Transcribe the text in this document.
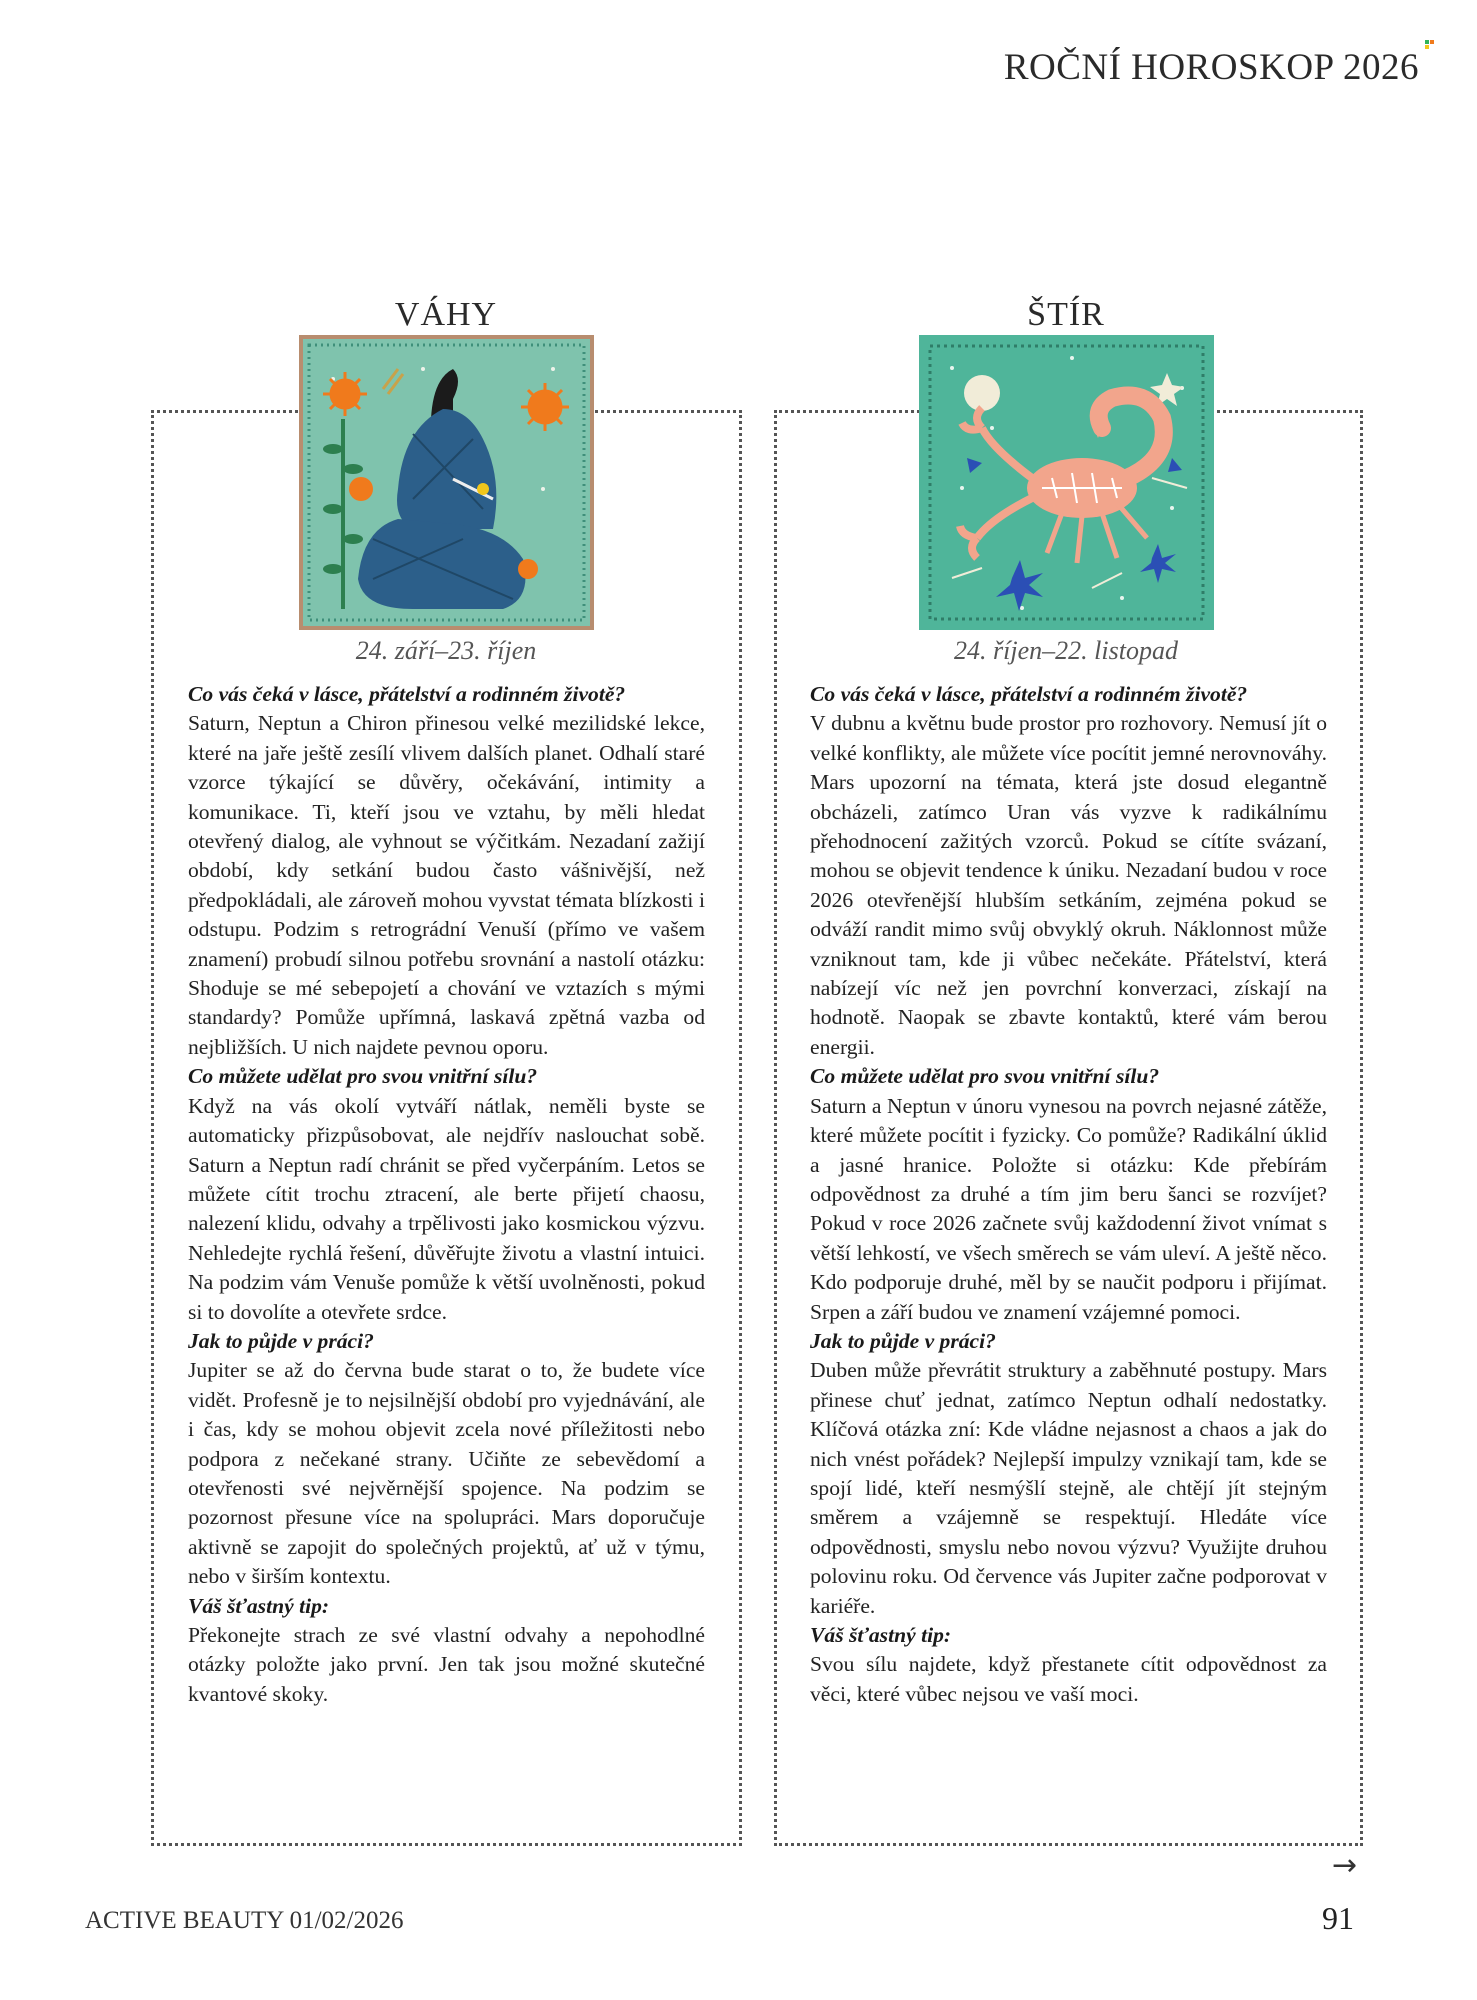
ROČNÍ HOROSKOP 2026
VÁHY
24. září–23. říjen
Co vás čeká v lásce, přátelství a rodinném životě?

Saturn, Neptun a Chiron přinesou velké mezilidské lekce, které na jaře ještě zesílí vlivem dalších planet. Odhalí staré vzorce týkající se důvěry, očekávání, intimity a komunikace. Ti, kteří jsou ve vztahu, by měli hledat otevřený dialog, ale vyhnout se výčitkám. Nezadaní zažijí období, kdy setkání budou často vášnivější, než předpokládali, ale zároveň mohou vyvstat témata blízkosti i odstupu. Podzim s retrográdní Venuší (přímo ve vašem znamení) probudí silnou potřebu srovnání a nastolí otázku: Shoduje se mé sebepojetí a chování ve vztazích s mými standardy? Pomůže upřímná, laskavá zpětná vazba od nejbližších. U nich najdete pevnou oporu.

Co můžete udělat pro svou vnitřní sílu?

Když na vás okolí vytváří nátlak, neměli byste se automaticky přizpůsobovat, ale nejdřív naslouchat sobě. Saturn a Neptun radí chránit se před vyčerpáním. Letos se můžete cítit trochu ztracení, ale berte přijetí chaosu, nalezení klidu, odvahy a trpělivosti jako kosmickou výzvu. Nehledejte rychlá řešení, důvěřujte životu a vlastní intuici. Na podzim vám Venuše pomůže k větší uvolněnosti, pokud si to dovolíte a otevřete srdce.

Jak to půjde v práci?

Jupiter se až do června bude starat o to, že budete více vidět. Profesně je to nejsilnější období pro vyjednávání, ale i čas, kdy se mohou objevit zcela nové příležitosti nebo podpora z nečekané strany. Učiňte ze sebevědomí a otevřenosti své nejvěrnější spojence. Na podzim se pozornost přesune více na spolupráci. Mars doporučuje aktivně se zapojit do společných projektů, ať už v týmu, nebo v širším kontextu.

Váš šťastný tip:

Překonejte strach ze své vlastní odvahy a nepohodlné otázky položte jako první. Jen tak jsou možné skutečné kvantové skoky.

ŠTÍR
24. říjen–22. listopad
Co vás čeká v lásce, přátelství a rodinném životě?

V dubnu a květnu bude prostor pro rozhovory. Nemusí jít o velké konflikty, ale můžete více pocítit jemné nerovnováhy. Mars upozorní na témata, která jste dosud elegantně obcházeli, zatímco Uran vás vyzve k radikálnímu přehodnocení zažitých vzorců. Pokud se cítíte svázaní, mohou se objevit tendence k úniku. Nezadaní budou v roce 2026 otevřenější hlubším setkáním, zejména pokud se odváží randit mimo svůj obvyklý okruh. Náklonnost může vzniknout tam, kde ji vůbec nečekáte. Přátelství, která nabízejí víc než jen povrchní konverzaci, získají na hodnotě. Naopak se zbavte kontaktů, které vám berou energii.

Co můžete udělat pro svou vnitřní sílu?

Saturn a Neptun v únoru vynesou na povrch nejasné zátěže, které můžete pocítit i fyzicky. Co pomůže? Radikální úklid a jasné hranice. Položte si otázku: Kde přebírám odpovědnost za druhé a tím jim beru šanci se rozvíjet? Pokud v roce 2026 začnete svůj každodenní život vnímat s větší lehkostí, ve všech směrech se vám uleví. A ještě něco. Kdo podporuje druhé, měl by se naučit podporu i přijímat. Srpen a září budou ve znamení vzájemné pomoci.

Jak to půjde v práci?

Duben může převrátit struktury a zaběhnuté postupy. Mars přinese chuť jednat, zatímco Neptun odhalí nedostatky. Klíčová otázka zní: Kde vládne nejasnost a chaos a jak do nich vnést pořádek? Nejlepší impulzy vznikají tam, kde se spojí lidé, kteří nesmýšlí stejně, ale chtějí jít stejným směrem a vzájemně se respektují. Hledáte více odpovědnosti, smyslu nebo novou výzvu? Využijte druhou polovinu roku. Od července vás Jupiter začne podporovat v kariéře.

Váš šťastný tip:

Svou sílu najdete, když přestanete cítit odpovědnost za věci, které vůbec nejsou ve vaší moci.

→
ACTIVE BEAUTY 01/02/2026	91
